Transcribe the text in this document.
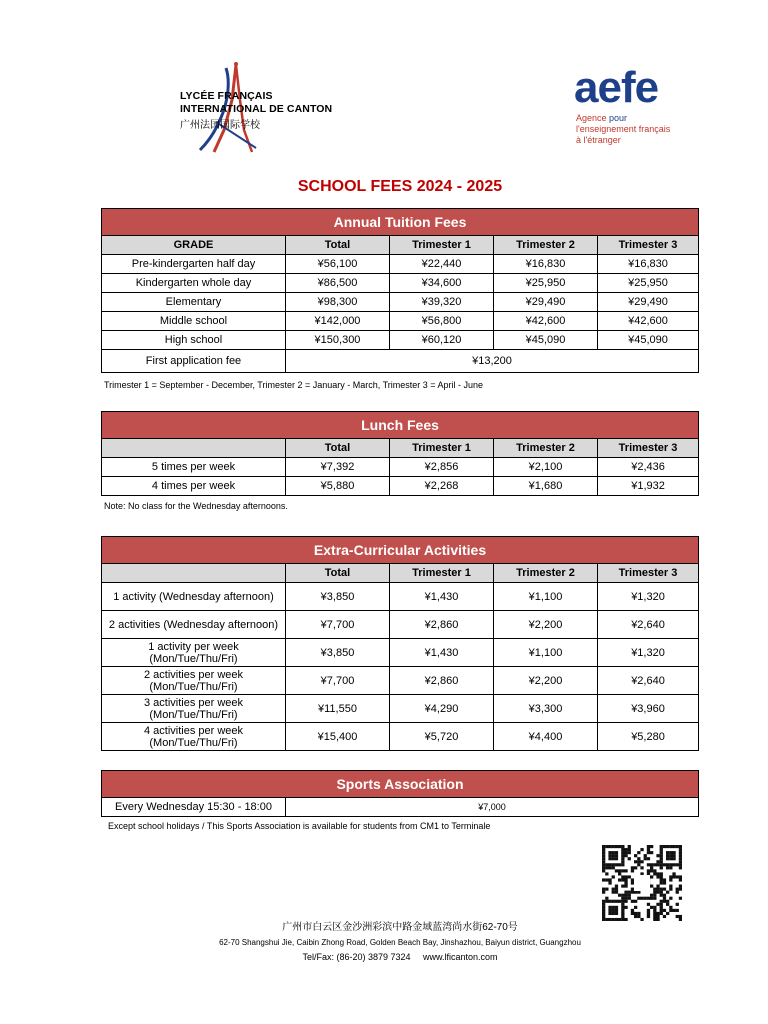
LYCÉE FRANÇAIS
INTERNATIONAL DE CANTON
广州法国国际学校
aefe
Agence pour
l'enseignement français
à l'étranger
SCHOOL FEES 2024 - 2025
Annual Tuition Fees				
GRADE	Total	Trimester 1	Trimester 2	Trimester 3
Pre-kindergarten half day	¥56,100	¥22,440	¥16,830	¥16,830
Kindergarten whole day	¥86,500	¥34,600	¥25,950	¥25,950
Elementary	¥98,300	¥39,320	¥29,490	¥29,490
Middle school	¥142,000	¥56,800	¥42,600	¥42,600
High school	¥150,300	¥60,120	¥45,090	¥45,090
First application fee	¥13,200			
Trimester 1 = September - December, Trimester 2 = January - March, Trimester 3 = April - June
Lunch Fees				
	Total	Trimester 1	Trimester 2	Trimester 3
5 times per week	¥7,392	¥2,856	¥2,100	¥2,436
4 times per week	¥5,880	¥2,268	¥1,680	¥1,932
Note: No class for the Wednesday afternoons.
Extra-Curricular Activities				
	Total	Trimester 1	Trimester 2	Trimester 3
1 activity (Wednesday afternoon)	¥3,850	¥1,430	¥1,100	¥1,320
2 activities (Wednesday afternoon)	¥7,700	¥2,860	¥2,200	¥2,640
1 activity per week
(Mon/Tue/Thu/Fri)	¥3,850	¥1,430	¥1,100	¥1,320
2 activities per week
(Mon/Tue/Thu/Fri)	¥7,700	¥2,860	¥2,200	¥2,640
3 activities per week
(Mon/Tue/Thu/Fri)	¥11,550	¥4,290	¥3,300	¥3,960
4 activities per week
(Mon/Tue/Thu/Fri)	¥15,400	¥5,720	¥4,400	¥5,280
Sports Association
Every Wednesday 15:30 - 18:00	¥7,000
Except school holidays / This Sports Association is available for students from CM1 to Terminale
广州市白云区金沙洲彩滨中路金域蓝湾尚水街62-70号
62-70 Shangshui Jie, Caibin Zhong Road, Golden Beach Bay, Jinshazhou, Baiyun district, Guangzhou
Tel/Fax: (86-20) 3879 7324     www.lficanton.com
